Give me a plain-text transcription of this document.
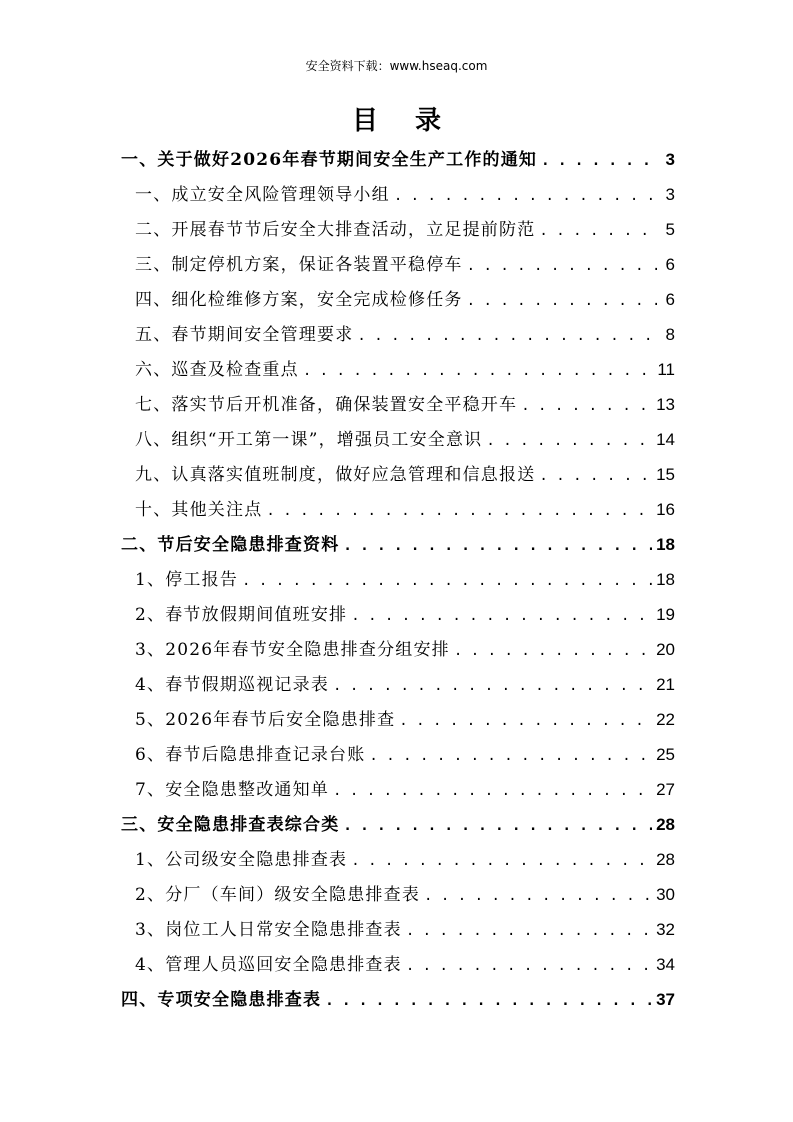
安全资料下载：www.hseaq.com
目 录
一、关于做好2026年春节期间安全生产工作的通知 . . .	3
一、成立安全风险管理领导小组 . . .	3
二、开展春节节后安全大排查活动，立足提前防范 . . .	5
三、制定停机方案，保证各装置平稳停车 . . .	6
四、细化检维修方案，安全完成检修任务 . . .	6
五、春节期间安全管理要求 . . .	8
六、巡查及检查重点 . . .	11
七、落实节后开机准备，确保装置安全平稳开车 . . .	13
八、组织“开工第一课”，增强员工安全意识 . . .	14
九、认真落实值班制度，做好应急管理和信息报送 . . .	15
十、其他关注点 . . .	16
二、节后安全隐患排查资料 . . .	18
1、停工报告 . . .	18
2、春节放假期间值班安排 . . .	19
3、2026年春节安全隐患排查分组安排 . . .	20
4、春节假期巡视记录表 . . .	21
5、2026年春节后安全隐患排查 . . .	22
6、春节后隐患排查记录台账 . . .	25
7、安全隐患整改通知单 . . .	27
三、安全隐患排查表综合类 . . .	28
1、公司级安全隐患排查表 . . .	28
2、分厂（车间）级安全隐患排查表 . . .	30
3、岗位工人日常安全隐患排查表 . . .	32
4、管理人员巡回安全隐患排查表 . . .	34
四、专项安全隐患排查表 . . .	37
